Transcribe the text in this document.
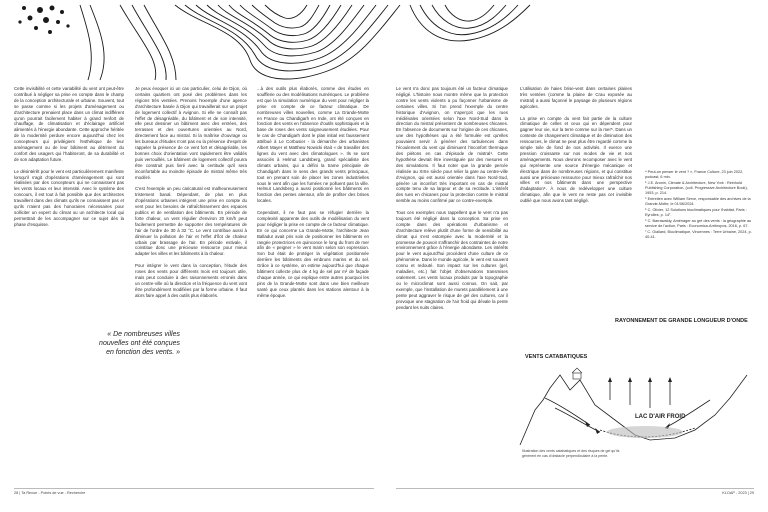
Cette invisibilité et cette variabilité du vent ont peut-être contribué à négliger sa prise en compte dans le champ de la conception architecturale et urbaine. Souvent, tout se passe comme si les projets d'aménagement ou d'architecture prenaient place dans un climat indifférent qu'on pourrait facilement habiter à grand renfort de chauffage, de climatisation et d'éclairage artificiel alimentés à l'énergie abondante. Cette approche héritée de la modernité perdure encore aujourd'hui chez les concepteurs qui privilégient l'esthétique de leur aménagement ou de leur bâtiment au détriment du confort des usagers qui l'habiteront, de sa durabilité et de son adaptation future.

Le désintérêt pour le vent est particulièrement manifeste lorsqu'il s'agit d'opérations d'aménagement qui sont réalisées par des concepteurs qui ne connaissent pas les vents locaux et leur intensité. Avec le système des concours, il est tout à fait possible que des architectes travaillent dans des climats qu'ils ne connaissent pas et qu'ils n'aient pas des honoraires nécessaires pour solliciter un expert du climat ou un architecte local qui permettrait de les accompagner sur ce sujet dès la phase d'esquisse.

« De nombreuses villes nouvelles ont été conçues en fonction des vents. »

Je peux évoquer ici un cas particulier, celui de Dijon, où certains quartiers ont posé des problèmes dans les régions très ventées. Prenons l'exemple d'une agence d'architecture basée à Dijon qui travaillerait sur un projet de logement collectif à Avignon. Si elle ne connaît pas l'effet de désagréable, du bâtiment et de son intensité, elle peut dessiner un bâtiment avec des entrées, des terrasses et des ouvertures orientées au Nord, directement face au mistral. Si la maîtrise d'ouvrage ou les bureaux d'études n'ont pas eu la présence d'esprit de rappeler la présence de ce vent fort et désagréable, les bonnes choix d'orientation vont rapidement être validés puis verrouillés. Le bâtiment de logement collectif pourra être construit puis livré avec la certitude qu'il sera inconfortable au moindre épisode de mistral même très modéré.

C'est l'exemple un peu caricatural est malheureusement tristement banal. Dépendant, de plus en plus d'opérations urbaines intègrent une prise en compte du vent pour les besoins de rafraîchissement des espaces publics et de ventilation des bâtiments. En période de forte chaleur, un vent régulier d'environ 20 km/h peut facilement permettre de supporter des températures de l'air de l'ordre de 30 à 32 °C. Le vent contribue aussi à diminuer la pollution de l'air et l'effet d'îlot de chaleur urbain par brassage de l'air. En période estivale, il constitue donc une précieuse ressource pour mieux adapter les villes et les bâtiments à la chaleur.

Pour intégrer le vent dans la conception, l'étude des roses des vents pour différents mois est toujours utile, mais peut conduire à des raisonnements erronés dans un centre-ville où la direction et la fréquence du vent vont être profondément modifiées par la forme urbaine. Il faut alors faire appel à des outils plus élaborés.

...à des outils plus élaborés, comme des études en soufflerie ou des modélisations numériques. Le problème est que la simulation numérique du vent pour négliger la prise en compte de ce facteur climatique. De nombreuses villes nouvelles, comme La Grande-Motte en France ou Chandigarh en Inde, ont été conçues en fonction des vents en l'absence d'outils sophistiqués et la base de roses des vents soigneusement étudiées. Pour le cas de Chandigarh dont le plan initial est faussement attribué à Le Corbusier - la démarche des urbanistes Albert Mayer et Matthew Nowicki était « de travailler des lignes du vent avec des climatologues ». Ils se sont associés à Helmut Landsberg, grand spécialiste des climats urbains, qui a défini la trame principale de Chandigarh dans le sens des grands vents principaux, tout en prenant soin de placer les zones industrielles sous le vent afin que les fumées ne polluent pas la ville. Helmut Landsberg a aussi positionné les bâtiments en fonction des pentes alentour, afin de profiter des brises locales.

Cependant, il ne faut pas se réfugier derrière la complexité apparente des outils de modélisation du vent pour négliger la prise en compte de ce facteur climatique. En ce qui concerne La Grande-Motte, l'architecte Jean Balladur avait pris soin de positionner les bâtiments en rangée protectrices en quinconce le long du front de mer afin de « peigner » le vent marin selon son expression. Son but était de protéger la végétation positionnée derrière les bâtiments des embruns marins et du sel. Grâce à ce système, on estime aujourd'hui que chaque bâtiment collecte plus de 4 kg de sel par m² de façade chaque année, ce qui explique entre autres pourquoi les pins de la Grande-Motte sont dans une bien meilleure santé que ceux plantés dans les stations alentour à la même époque.

Le vent n'a donc pas toujours été un facteur climatique négligé. L'histoire nous montre même que la protection contre les vents violents a pu façonner l'urbanisme de certaines villes. Si l'on prend l'exemple du centre historique d'Avignon, on s'aperçoit que les rues médiévales orientées selon l'axe Nord-Sud dans la direction du mistral présentent de nombreuses chicanes. En l'absence de documents sur l'origine de ces chicanes, une des hypothèses qui a été formulée est qu'elles pouvaient servir à générer des turbulences dans l'écoulement du vent qui diminuent l'inconfort thermique des piétons en cas d'épisode de mistral⁴. Cette hypothèse devrait être investiguée par des mesures et des simulations. Il faut noter que la grande percée réalisée au XIXe siècle pour relier la gare au centre-ville d'Avignon, qui est aussi orientée dans l'axe Nord-Sud, génère un inconfort très important en cas de mistral compte tenu de sa largeur et de sa rectitude. L'intérêt des rues en chicanes pour la protection contre le mistral semble au moins confirmé par ce contre-exemple.

Tous ces exemples nous rappellent que le vent n'a pas toujours été négligé dans la conception. Sa prise en compte dans des opérations d'urbanisme et d'architecture relève plutôt d'une forme de sensibilité au climat qui s'est estompée avec la modernité et la promesse de pouvoir s'affranchir des contraintes de notre environnement grâce à l'énergie abondante. Les intérêts pour le vent aujourd'hui procèdent d'une culture de ce phénomène. Dans le monde agricole, le vent est souvent connu et redouté. Son impact sur les cultures (gel, maladies, etc.) fait l'objet d'observations transmises oralement. Les vents locaux produits par la topographie ou le microclimat sont aussi connus. On sait, par exemple, que l'installation de murets parallèlement à une pente peut aggraver le risque de gel des cultures, car il provoque une stagnation de l'air froid qui dévale la pente pendant les nuits claires.

L'utilisation de haies brise-vent dans certaines plaines très ventées (comme la plaine de Crau exposée au mistral) a aussi façonné le paysage de plusieurs régions agricoles.

La prise en compte du vent fait partie de la culture climatique de celles et ceux qui en dépendent pour gagner leur vie, sur la terre comme sur la mer⁵. Dans un contexte de changement climatique et de diminution des ressources, le climat ne peut plus être regardé comme la simple toile de fond de nos activités. Il exerce une pression croissante sur nos modes de vie et nos aménagements. Nous devrons recomposer avec le vent qui représente une source d'énergie mécanique et électrique dans de nombreuses régions, et qui constitue aussi une précieuse ressource pour mieux rafraîchir nos villes et nos bâtiments dans une perspective d'adaptation⁶. À nous de redévelopper une culture climatique, afin que le vent ne reste pas cet invisible oublié que nous avons tant négligé.

⁴ Peut-on penser le vent ? », France Culture, 23 juin 2022, podcast, 6 min.

⁵ J.E. Aronin, Climate & Architecture, New York : Reinhold Publishing Corporation, (coll. Progressive Architecture Book), 1953, p. 214.

⁶ Entretien avec William Serve, responsable des archives de la Grande-Motte, le 01/06/2024.

⁵ C. Olivier, 12 Solutions bioclimatiques pour l'habitat, Paris : Eyrolles, p. 14⁷.

⁶ C. Barrawaldy, Aménager au gré des vents : la géographie au service de l'action, Paris : Economica-Anthropos, 2016, p. 67.

⁷ C. Giallard, Bioclimatique, Vincennes : Terre Urbaine, 2024, p. 40-41.

VENTS CATABATIQUES
RAYONNEMENT DE GRANDE LONGUEUR D'ONDE
LAC D'AIR FROID
Illustration des vents catabatiques et des risques de gel qu'ils génèrent en cas d'obstacle perpendiculaire à la pente.
28 | Ta Revue - Points de vue - Recherche	KLOAP - 2023 | 29
